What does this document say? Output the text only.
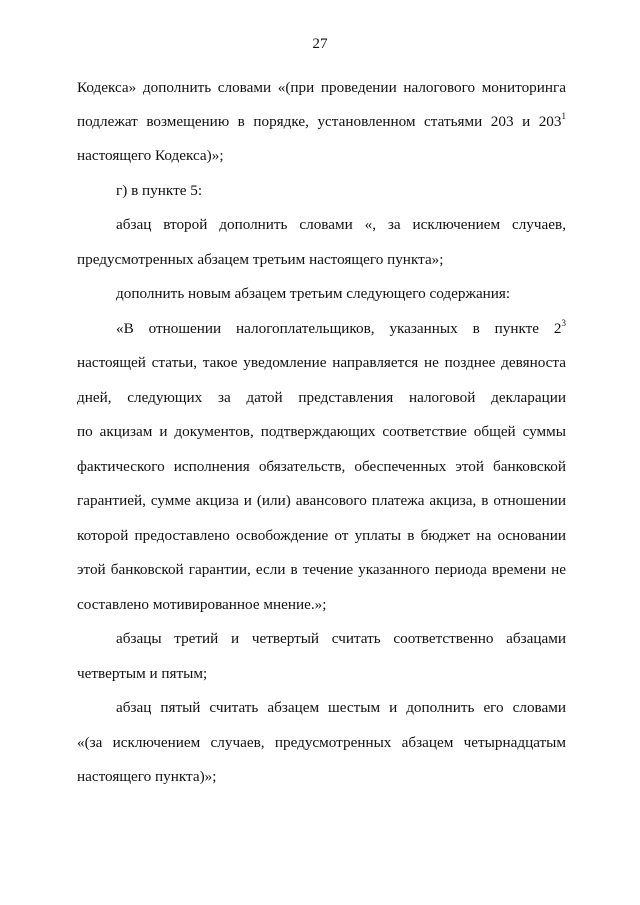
27
Кодекса» дополнить словами «(при проведении налогового мониторинга
подлежат возмещению в порядке, установленном статьями 203 и $203^1$
настоящего Кодекса)»;
г) в пункте 5:
абзац второй дополнить словами «, за исключением случаев,
предусмотренных абзацем третьим настоящего пункта»;
дополнить новым абзацем третьим следующего содержания:
«В отношении налогоплательщиков, указанных в пункте $2^3$
настоящей статьи, такое уведомление направляется не позднее девяноста
дней, следующих за датой представления налоговой декларации
по акцизам и документов, подтверждающих соответствие общей суммы
фактического исполнения обязательств, обеспеченных этой банковской
гарантией, сумме акциза и (или) авансового платежа акциза, в отношении
которой предоставлено освобождение от уплаты в бюджет на основании
этой банковской гарантии, если в течение указанного периода времени не
составлено мотивированное мнение.»;
абзацы третий и четвертый считать соответственно абзацами
четвертым и пятым;
абзац пятый считать абзацем шестым и дополнить его словами
«(за исключением случаев, предусмотренных абзацем четырнадцатым
настоящего пункта)»;
